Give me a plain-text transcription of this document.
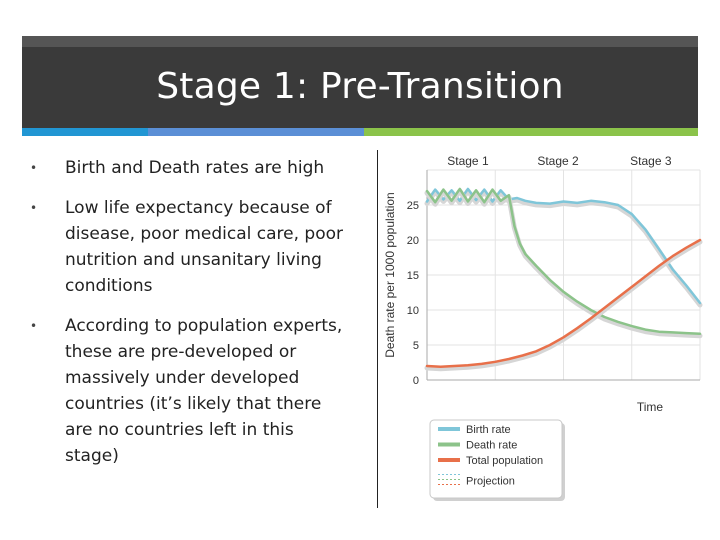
Stage 1: Pre-Transition
• Birth and Death rates are high
• Low life expectancy because of disease, poor medical care, poor nutrition and unsanitary living conditions
• According to population experts, these are pre-developed or massively under developed countries (it’s likely that there are no countries left in this stage)
0
5
10
15
20
25
Stage 1	Stage 2	Stage 3
Death rate per 1000 population
Time
Birth rate
Death rate
Total population
Projection
